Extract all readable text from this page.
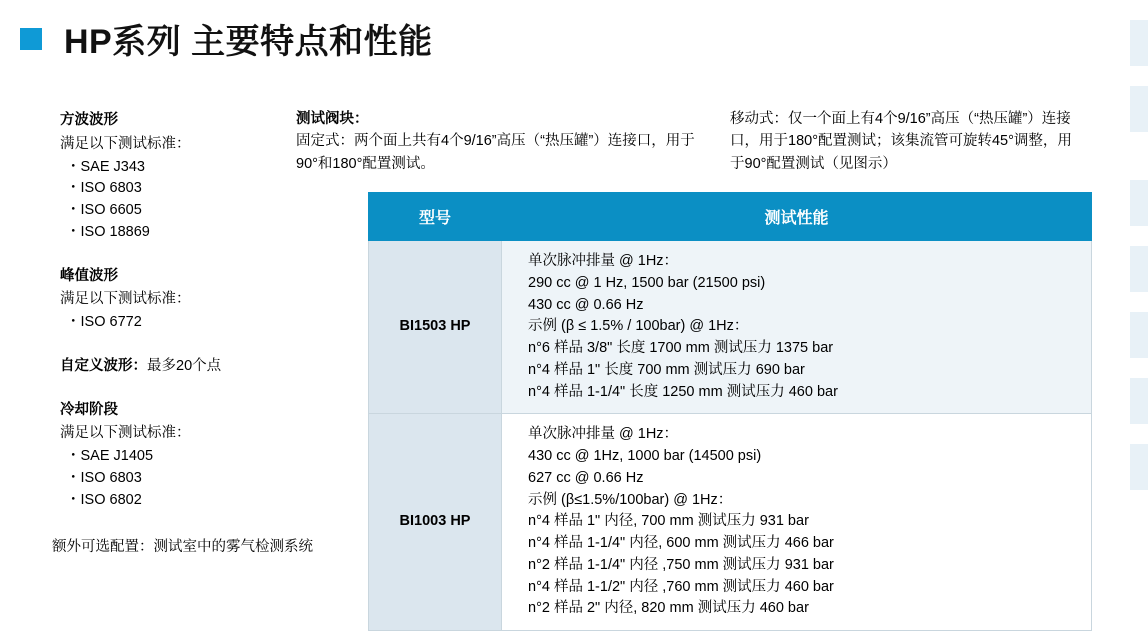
HP系列 主要特点和性能
方波波形
满足以下测试标准：
・SAE J343
・ISO 6803
・ISO 6605
・ISO 18869
峰值波形
满足以下测试标准：
・ISO 6772
自定义波形：最多20个点
冷却阶段
满足以下测试标准：
・SAE J1405
・ISO 6803
・ISO 6802
额外可选配置：测试室中的雾气检测系统
测试阀块：
固定式：两个面上共有4个9/16”高压（“热压罐”）连接口，用于90°和180°配置测试。
移动式：仅一个面上有4个9/16”高压（“热压罐”）连接口，用于180°配置测试；该集流管可旋转45°调整，用于90°配置测试（见图示）
型号	测试性能
BI1503 HP	
单次脉冲排量 @ 1Hz：
290 cc @ 1 Hz, 1500 bar (21500 psi)
430 cc @ 0.66 Hz
示例 (β ≤ 1.5% / 100bar) @ 1Hz：
n°6 样品 3/8" 长度 1700 mm 测试压力 1375 bar
n°4 样品 1" 长度 700 mm 测试压力 690 bar
n°4 样品 1-1/4" 长度 1250 mm 测试压力 460 bar

BI1003 HP	
单次脉冲排量 @ 1Hz：
430 cc @ 1Hz, 1000 bar (14500 psi)
627 cc @ 0.66 Hz
示例 (β≤1.5%/100bar) @ 1Hz：
n°4 样品 1" 内径, 700 mm 测试压力 931 bar
n°4 样品 1-1/4" 内径, 600 mm 测试压力 466 bar
n°2 样品 1-1/4" 内径 ,750 mm 测试压力 931 bar
n°4 样品 1-1/2" 内径 ,760 mm 测试压力 460 bar
n°2 样品 2" 内径, 820 mm 测试压力 460 bar
